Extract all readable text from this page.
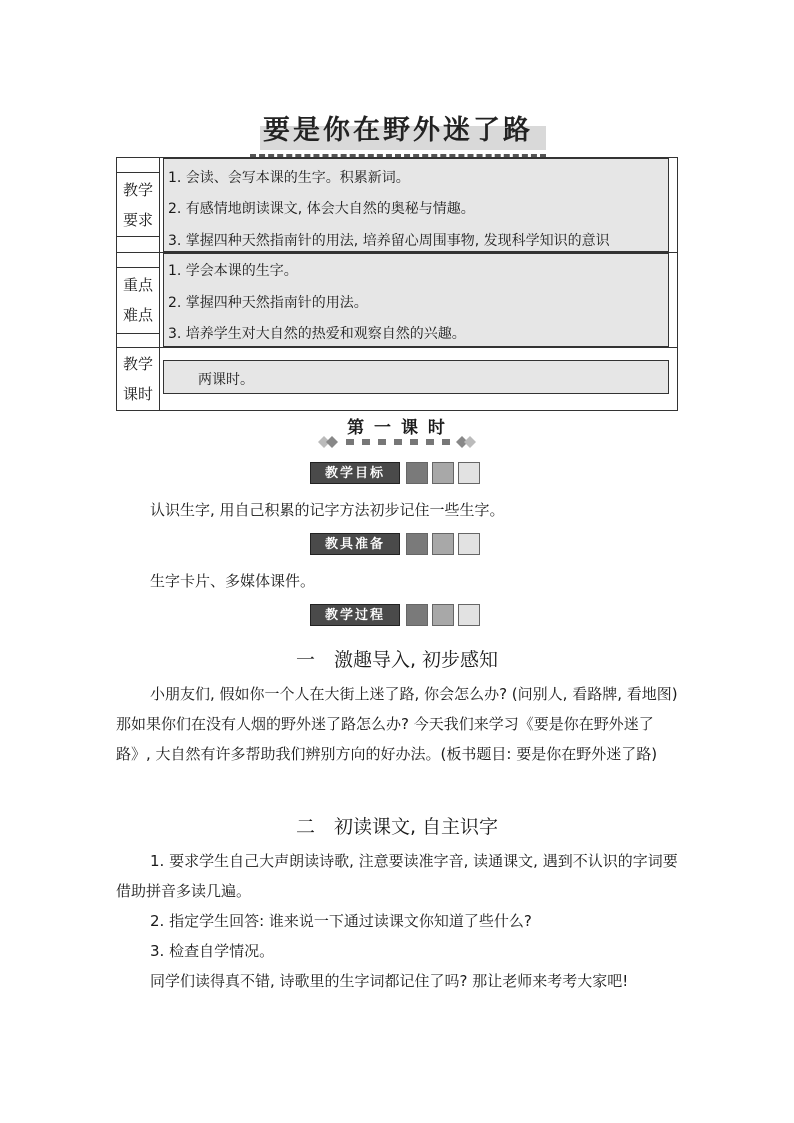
要是你在野外迷了路
教学
要求
1. 会读、会写本课的生字。积累新词。
2. 有感情地朗读课文, 体会大自然的奥秘与情趣。
3. 掌握四种天然指南针的用法, 培养留心周围事物, 发现科学知识的意识
重点
难点
1. 学会本课的生字。
2. 掌握四种天然指南针的用法。
3. 培养学生对大自然的热爱和观察自然的兴趣。
教学
课时
两课时。
第 一 课 时
教学目标

认识生字, 用自己积累的记字方法初步记住一些生字。

教具准备

生字卡片、多媒体课件。

教学过程
一　激趣导入, 初步感知

小朋友们, 假如你一个人在大街上迷了路, 你会怎么办? (问别人, 看路牌, 看地图) 那如果你们在没有人烟的野外迷了路怎么办? 今天我们来学习《要是你在野外迷了路》, 大自然有许多帮助我们辨别方向的好办法。(板书题目: 要是你在野外迷了路)

二　初读课文, 自主识字

1. 要求学生自己大声朗读诗歌, 注意要读准字音, 读通课文, 遇到不认识的字词要借助拼音多读几遍。

2. 指定学生回答: 谁来说一下通过读课文你知道了些什么?

3. 检查自学情况。

同学们读得真不错, 诗歌里的生字词都记住了吗? 那让老师来考考大家吧!
